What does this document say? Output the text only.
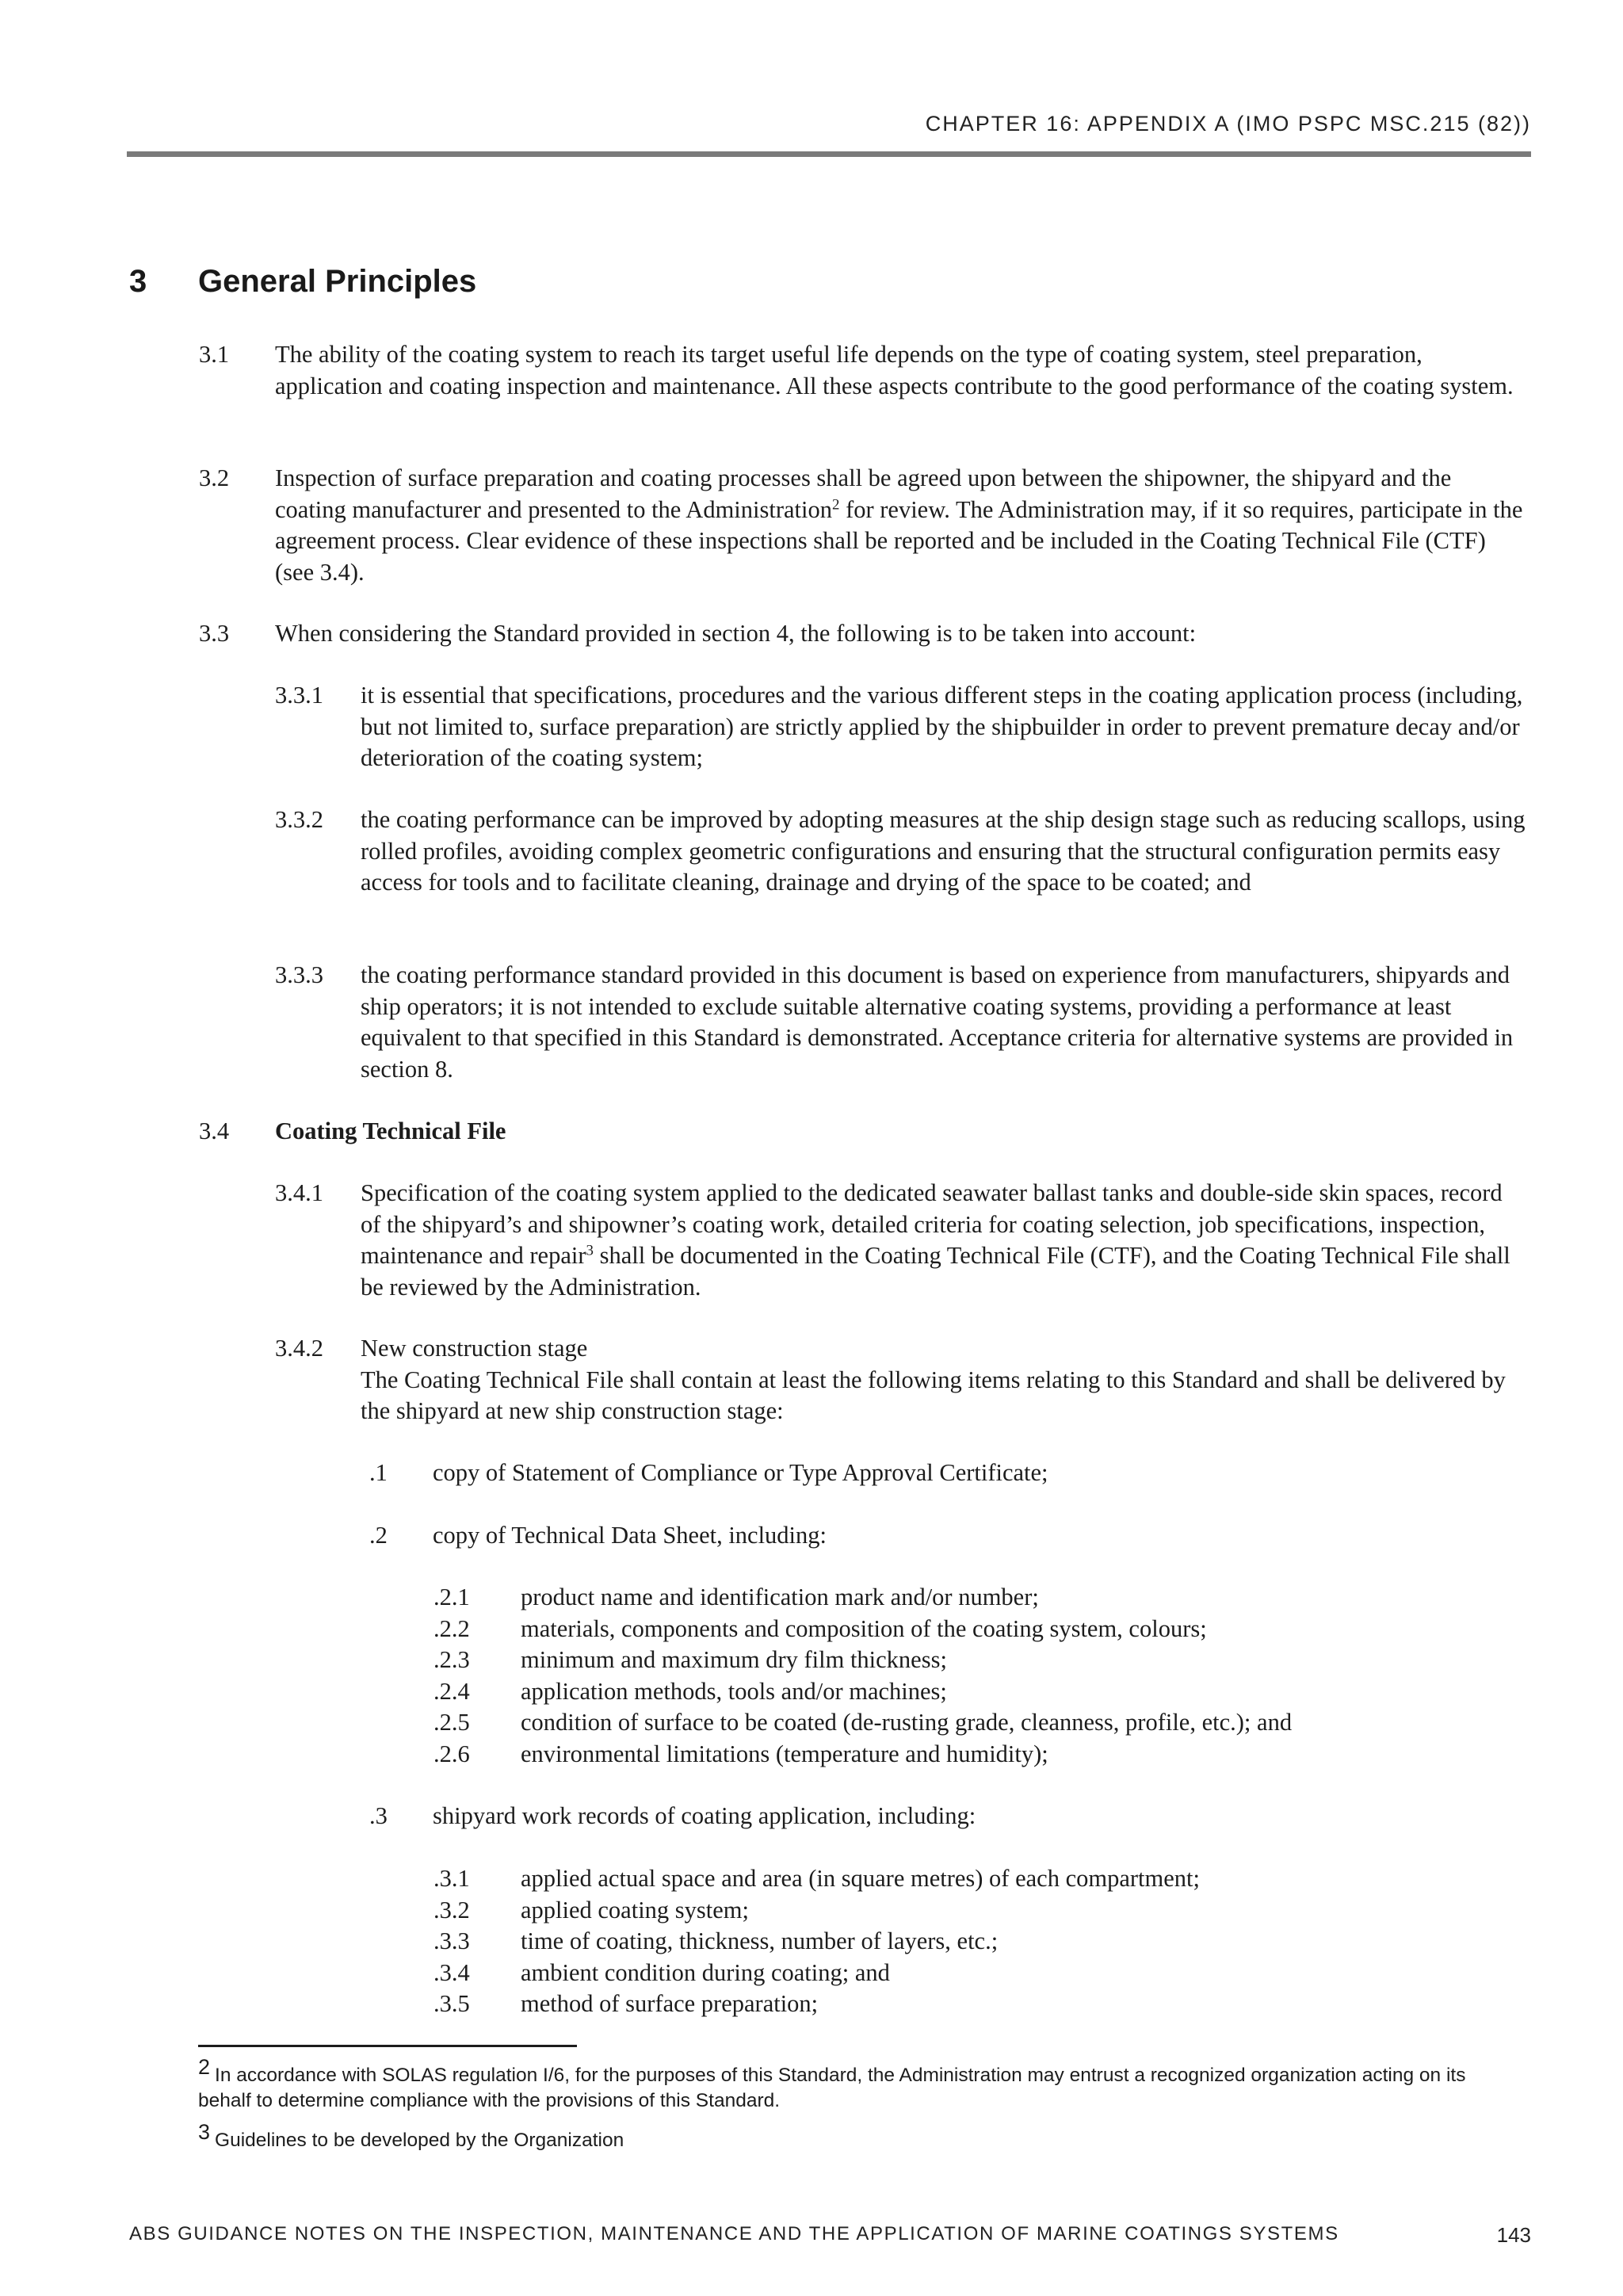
CHAPTER 16: APPENDIX A (IMO PSPC MSC.215 (82))
3 General Principles
3.1 The ability of the coating system to reach its target useful life depends on the type of coating system, steel preparation, application and coating inspection and maintenance. All these aspects contribute to the good performance of the coating system.
3.2 Inspection of surface preparation and coating processes shall be agreed upon between the shipowner, the shipyard and the coating manufacturer and presented to the Administration$^2$ for review. The Administration may, if it so requires, participate in the agreement process. Clear evidence of these inspections shall be reported and be included in the Coating Technical File (CTF) (see 3.4).
3.3 When considering the Standard provided in section 4, the following is to be taken into account:
3.3.1 it is essential that specifications, procedures and the various different steps in the coating application process (including, but not limited to, surface preparation) are strictly applied by the shipbuilder in order to prevent premature decay and/or deterioration of the coating system;
3.3.2 the coating performance can be improved by adopting measures at the ship design stage such as reducing scallops, using rolled profiles, avoiding complex geometric configurations and ensuring that the structural configuration permits easy access for tools and to facilitate cleaning, drainage and drying of the space to be coated; and
3.3.3 the coating performance standard provided in this document is based on experience from manufacturers, shipyards and ship operators; it is not intended to exclude suitable alternative coating systems, providing a performance at least equivalent to that specified in this Standard is demonstrated. Acceptance criteria for alternative systems are provided in section 8.
3.4 Coating Technical File
3.4.1 Specification of the coating system applied to the dedicated seawater ballast tanks and double-side skin spaces, record of the shipyard’s and shipowner’s coating work, detailed criteria for coating selection, job specifications, inspection, maintenance and repair$^3$ shall be documented in the Coating Technical File (CTF), and the Coating Technical File shall be reviewed by the Administration.
3.4.2 New construction stage
The Coating Technical File shall contain at least the following items relating to this Standard and shall be delivered by the shipyard at new ship construction stage:
.1 copy of Statement of Compliance or Type Approval Certificate;
.2 copy of Technical Data Sheet, including:
.2.1 product name and identification mark and/or number;
.2.2 materials, components and composition of the coating system, colours;
.2.3 minimum and maximum dry film thickness;
.2.4 application methods, tools and/or machines;
.2.5 condition of surface to be coated (de-rusting grade, cleanness, profile, etc.); and
.2.6 environmental limitations (temperature and humidity);
.3 shipyard work records of coating application, including:
.3.1 applied actual space and area (in square metres) of each compartment;
.3.2 applied coating system;
.3.3 time of coating, thickness, number of layers, etc.;
.3.4 ambient condition during coating; and
.3.5 method of surface preparation;
2 In accordance with SOLAS regulation I/6, for the purposes of this Standard, the Administration may entrust a recognized organization acting on its behalf to determine compliance with the provisions of this Standard.
3 Guidelines to be developed by the Organization
ABS GUIDANCE NOTES ON THE INSPECTION, MAINTENANCE AND THE APPLICATION OF MARINE COATINGS SYSTEMS	143
